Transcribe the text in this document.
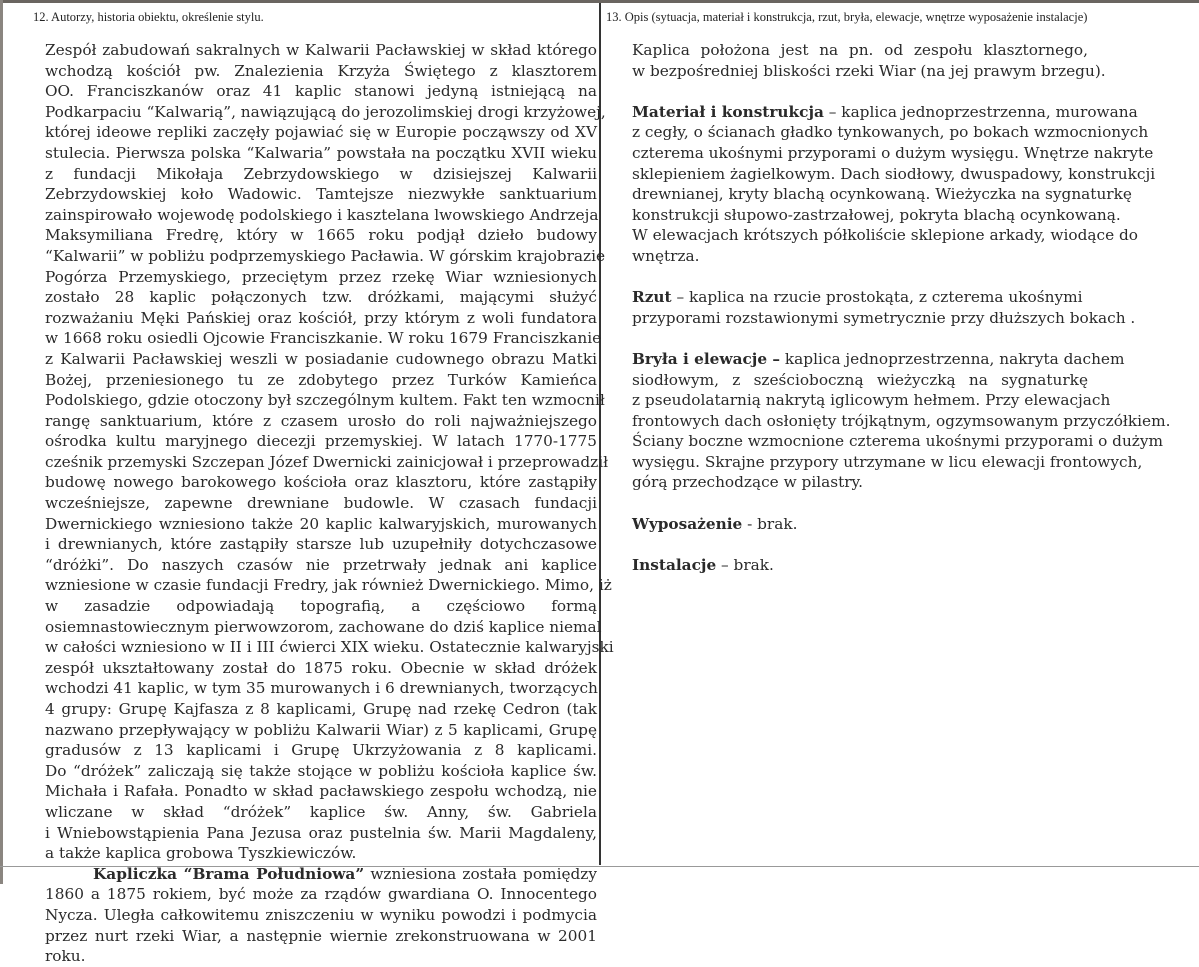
12. Autorzy, historia obiektu, określenie stylu.	13. Opis (sytuacja, materiał i konstrukcja, rzut, bryła, elewacje, wnętrze wyposażenie instalacje)
Zespół zabudowań sakralnych w Kalwarii Pacławskiej w skład którego
wchodzą kościół pw. Znalezienia Krzyża Świętego z klasztorem
OO. Franciszkanów oraz 41 kaplic stanowi jedyną istniejącą na
Podkarpaciu “Kalwarią”, nawiązującą do jerozolimskiej drogi krzyżowej,
której ideowe repliki zaczęły pojawiać się w Europie począwszy od XV
stulecia. Pierwsza polska “Kalwaria” powstała na początku XVII wieku
z fundacji Mikołaja Zebrzydowskiego w dzisiejszej Kalwarii
Zebrzydowskiej koło Wadowic. Tamtejsze niezwykłe sanktuarium
zainspirowało wojewodę podolskiego i kasztelana lwowskiego Andrzeja
Maksymiliana Fredrę, który w 1665 roku podjął dzieło budowy
“Kalwarii” w pobliżu podprzemyskiego Pacławia. W górskim krajobrazie
Pogórza Przemyskiego, przeciętym przez rzekę Wiar wzniesionych
zostało 28 kaplic połączonych tzw. dróżkami, mającymi służyć
rozważaniu Męki Pańskiej oraz kościół, przy którym z woli fundatora
w 1668 roku osiedli Ojcowie Franciszkanie. W roku 1679 Franciszkanie
z Kalwarii Pacławskiej weszli w posiadanie cudownego obrazu Matki
Bożej, przeniesionego tu ze zdobytego przez Turków Kamieńca
Podolskiego, gdzie otoczony był szczególnym kultem. Fakt ten wzmocnił
rangę sanktuarium, które z czasem urosło do roli najważniejszego
ośrodka kultu maryjnego diecezji przemyskiej. W latach 1770-1775
cześnik przemyski Szczepan Józef Dwernicki zainicjował i przeprowadził
budowę nowego barokowego kościoła oraz klasztoru, które zastąpiły
wcześniejsze, zapewne drewniane budowle. W czasach fundacji
Dwernickiego wzniesiono także 20 kaplic kalwaryjskich, murowanych
i drewnianych, które zastąpiły starsze lub uzupełniły dotychczasowe
“dróżki”. Do naszych czasów nie przetrwały jednak ani kaplice
wzniesione w czasie fundacji Fredry, jak również Dwernickiego. Mimo, iż
w zasadzie odpowiadają topografią, a częściowo formą
osiemnastowiecznym pierwowzorom, zachowane do dziś kaplice niemal
w całości wzniesiono w II i III ćwierci XIX wieku. Ostatecznie kalwaryjski
zespół ukształtowany został do 1875 roku. Obecnie w skład dróżek
wchodzi 41 kaplic, w tym 35 murowanych i 6 drewnianych, tworzących
4 grupy: Grupę Kajfasza z 8 kaplicami, Grupę nad rzekę Cedron (tak
nazwano przepływający w pobliżu Kalwarii Wiar) z 5 kaplicami, Grupę
gradusów z 13 kaplicami i Grupę Ukrzyżowania z 8 kaplicami.
Do “dróżek” zaliczają się także stojące w pobliżu kościoła kaplice św.
Michała i Rafała. Ponadto w skład pacławskiego zespołu wchodzą, nie
wliczane w skład “dróżek” kaplice św. Anny, św. Gabriela
i Wniebowstąpienia Pana Jezusa oraz pustelnia św. Marii Magdaleny,
a także kaplica grobowa Tyszkiewiczów.
Kapliczka “Brama Południowa” wzniesiona została pomiędzy
1860 a 1875 rokiem, być może za rządów gwardiana O. Innocentego
Nycza. Uległa całkowitemu zniszczeniu w wyniku powodzi i podmycia
przez nurt rzeki Wiar, a następnie wiernie zrekonstruowana w 2001
roku.
Kaplica położona jest na pn. od zespołu klasztornego,
w bezpośredniej bliskości rzeki Wiar (na jej prawym brzegu).
Materiał i konstrukcja – kaplica jednoprzestrzenna, murowana
z cegły, o ścianach gładko tynkowanych, po bokach wzmocnionych
czterema ukośnymi przyporami o dużym wysięgu. Wnętrze nakryte
sklepieniem żagielkowym. Dach siodłowy, dwuspadowy, konstrukcji
drewnianej, kryty blachą ocynkowaną. Wieżyczka na sygnaturkę
konstrukcji słupowo-zastrzałowej, pokryta blachą ocynkowaną.
W elewacjach krótszych półkoliście sklepione arkady, wiodące do
wnętrza.
Rzut – kaplica na rzucie prostokąta, z czterema ukośnymi
przyporami rozstawionymi symetrycznie przy dłuższych bokach .
Bryła i elewacje – kaplica jednoprzestrzenna, nakryta dachem
siodłowym, z sześcioboczną wieżyczką na sygnaturkę
z pseudolatarnią nakrytą iglicowym hełmem. Przy elewacjach
frontowych dach osłonięty trójkątnym, ogzymsowanym przyczółkiem.
Ściany boczne wzmocnione czterema ukośnymi przyporami o dużym
wysięgu. Skrajne przypory utrzymane w licu elewacji frontowych,
górą przechodzące w pilastry.
Wyposażenie - brak.
Instalacje – brak.
